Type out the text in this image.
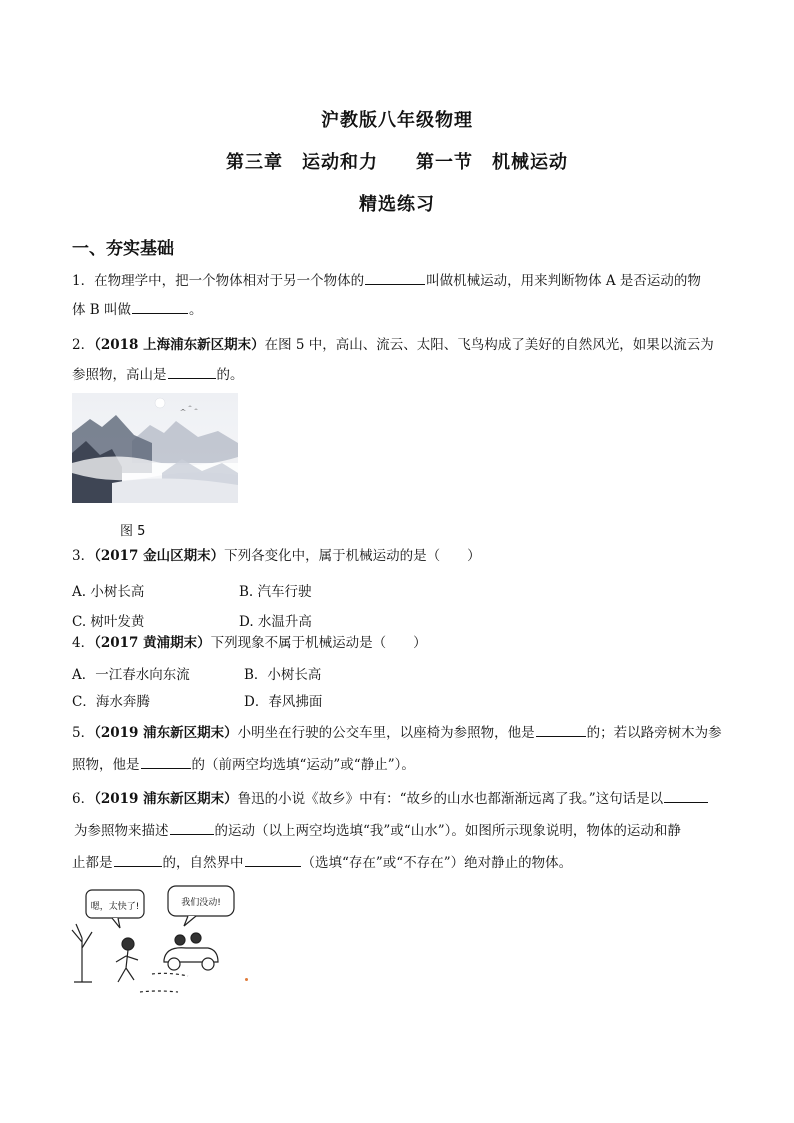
沪教版八年级物理
第三章　运动和力　　第一节　机械运动
精选练习
一、夯实基础
1．在物理学中，把一个物体相对于另一个物体的	叫做机械运动，用来判断物体 A 是否运动的物
体 B 叫做	。
2．（2018 上海浦东新区期末）在图 5 中，高山、流云、太阳、飞鸟构成了美好的自然风光，如果以流云为
参照物，高山是	的。
图 5
3．（2017 金山区期末）下列各变化中，属于机械运动的是（　　）
A. 小树长高	B. 汽车行驶
C. 树叶发黄	D. 水温升高
4．（2017 黄浦期末）下列现象不属于机械运动是（　　）
A．一江春水向东流	B．小树长高
C．海水奔腾	D．春风拂面
5．（2019 浦东新区期末）小明坐在行驶的公交车里，以座椅为参照物，他是	的；若以路旁树木为参
照物，他是	的（前两空均选填“运动”或“静止”）。
6．（2019 浦东新区期末）鲁迅的小说《故乡》中有：“故乡的山水也都渐渐远离了我。”这句话是以
为参照物来描述	的运动（以上两空均选填“我”或“山水”）。如图所示现象说明，物体的运动和静
止都是	的，自然界中	（选填“存在”或“不存在”）绝对静止的物体。
嗯，太快了!	我们没动!
